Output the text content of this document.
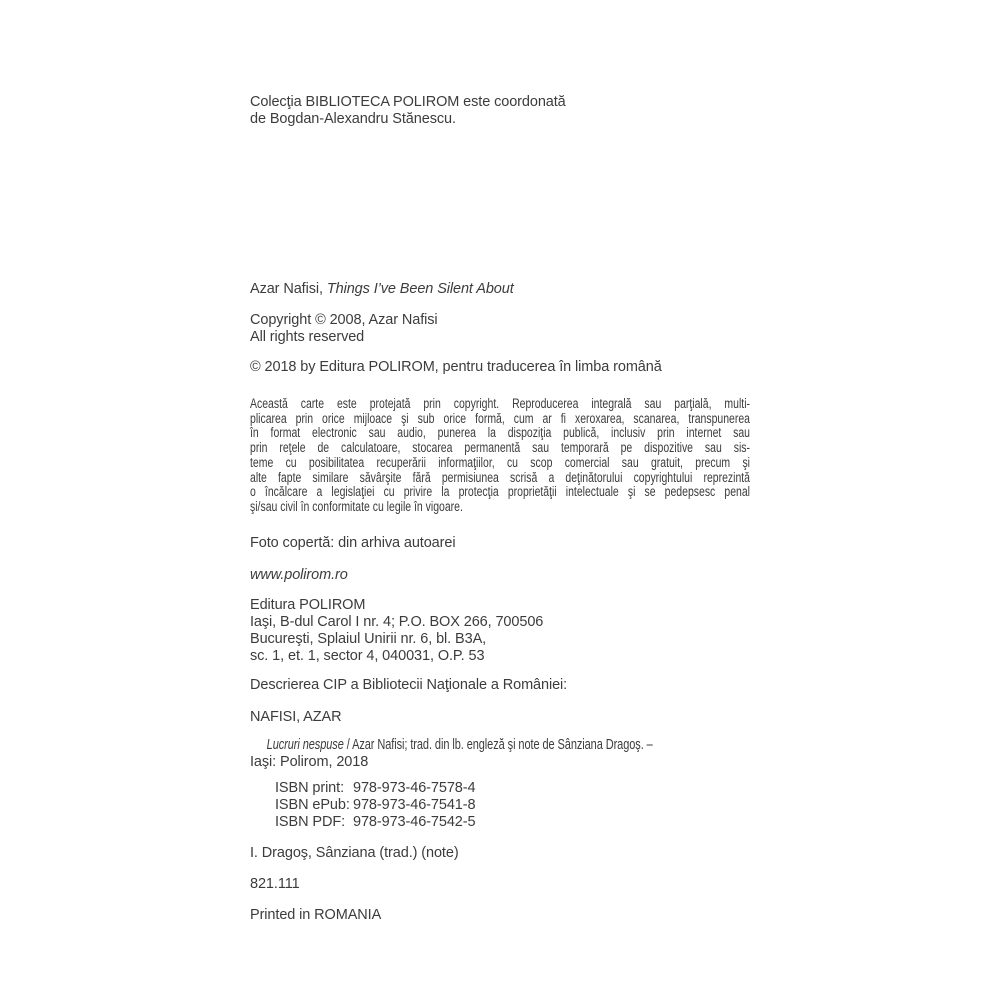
Colecţia BIBLIOTECA POLIROM este coordonată
de Bogdan-Alexandru Stănescu.
Azar Nafisi, Things I’ve Been Silent About
Copyright © 2008, Azar Nafisi
All rights reserved
© 2018 by Editura POLIROM, pentru traducerea în limba română
Această carte este protejată prin copyright. Reproducerea integrală sau parţială, multi-
plicarea prin orice mijloace şi sub orice formă, cum ar fi xeroxarea, scanarea, transpunerea
în format electronic sau audio, punerea la dispoziţia publică, inclusiv prin internet sau
prin reţele de calculatoare, stocarea permanentă sau temporară pe dispozitive sau sis-
teme cu posibilitatea recuperării informaţiilor, cu scop comercial sau gratuit, precum şi
alte fapte similare săvârşite fără permisiunea scrisă a deţinătorului copyrightului reprezintă
o încălcare a legislaţiei cu privire la protecţia proprietăţii intelectuale şi se pedepsesc penal
şi/sau civil în conformitate cu legile în vigoare.
Foto copertă: din arhiva autoarei
www.polirom.ro
Editura POLIROM
Iaşi, B-dul Carol I nr. 4; P.O. BOX 266, 700506
Bucureşti, Splaiul Unirii nr. 6, bl. B3A,
sc. 1, et. 1, sector 4, 040031, O.P. 53
Descrierea CIP a Bibliotecii Naţionale a României:
NAFISI, AZAR
Lucruri nespuse / Azar Nafisi; trad. din lb. engleză şi note de Sânziana Dragoş. –
Iaşi: Polirom, 2018
ISBN print: 978-973-46-7578-4
ISBN ePub: 978-973-46-7541-8
ISBN PDF: 978-973-46-7542-5
I. Dragoş, Sânziana (trad.) (note)
821.111
Printed in ROMANIA
